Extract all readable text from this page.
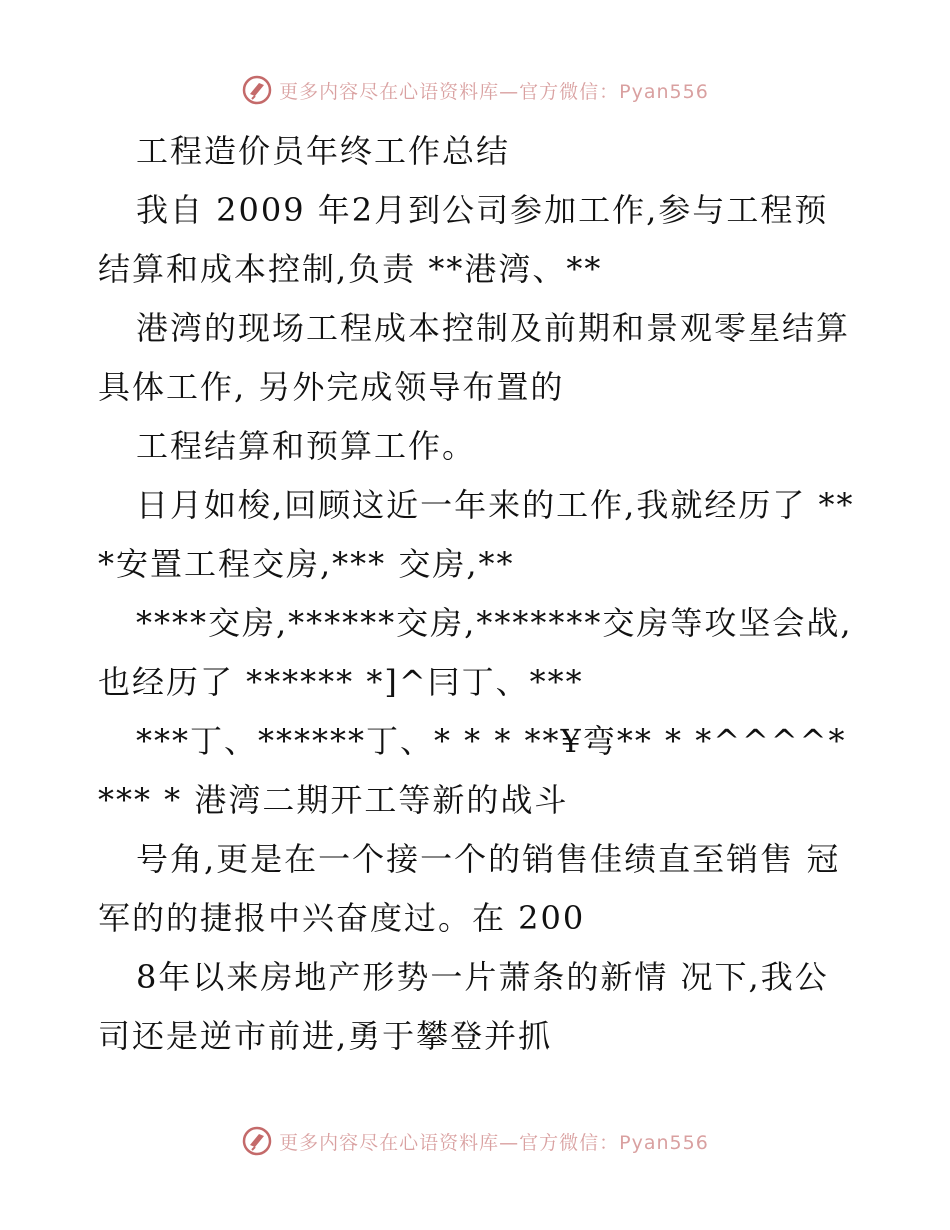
更多内容尽在心语资料库—官方微信：Pyan556

工程造价员年终工作总结

我自 2009 年2月到公司参加工作,参与工程预结算和成本控制,负责 **港湾、**

港湾的现场工程成本控制及前期和景观零星结算具体工作, 另外完成领导布置的

工程结算和预算工作。

日月如梭,回顾这近一年来的工作,我就经历了 ** *安置工程交房,*** 交房,**

****交房,******交房,*******交房等攻坚会战,也经历了 ****** *]^冃丁、***

***丁、******丁、* * * **¥弯** * *^^^^* *** * 港湾二期开工等新的战斗

号角,更是在一个接一个的销售佳绩直至销售 冠军的的捷报中兴奋度过。在 200

8年以来房地产形势一片萧条的新情 况下,我公司还是逆市前进,勇于攀登并抓

更多内容尽在心语资料库—官方微信：Pyan556
